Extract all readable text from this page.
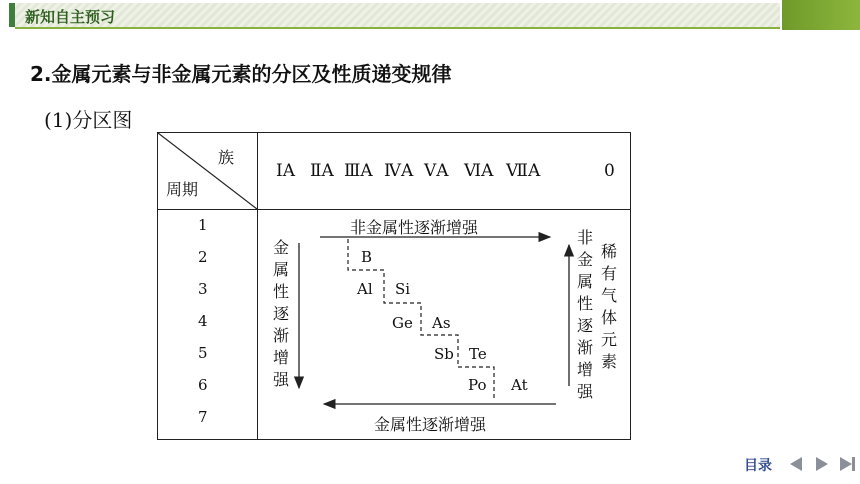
新知自主预习
2.金属元素与非金属元素的分区及性质递变规律
(1)分区图
族
周期
ⅠA ⅡA ⅢA ⅣA ⅤA ⅥA ⅦA	0
1
2
3
4
5
6
7
非金属性逐渐增强
金属性逐渐增强
金属性逐渐增强
非金属性逐渐增强
稀有气体元素
B
Al Si
Ge As
Sb Te
Po At
目录
